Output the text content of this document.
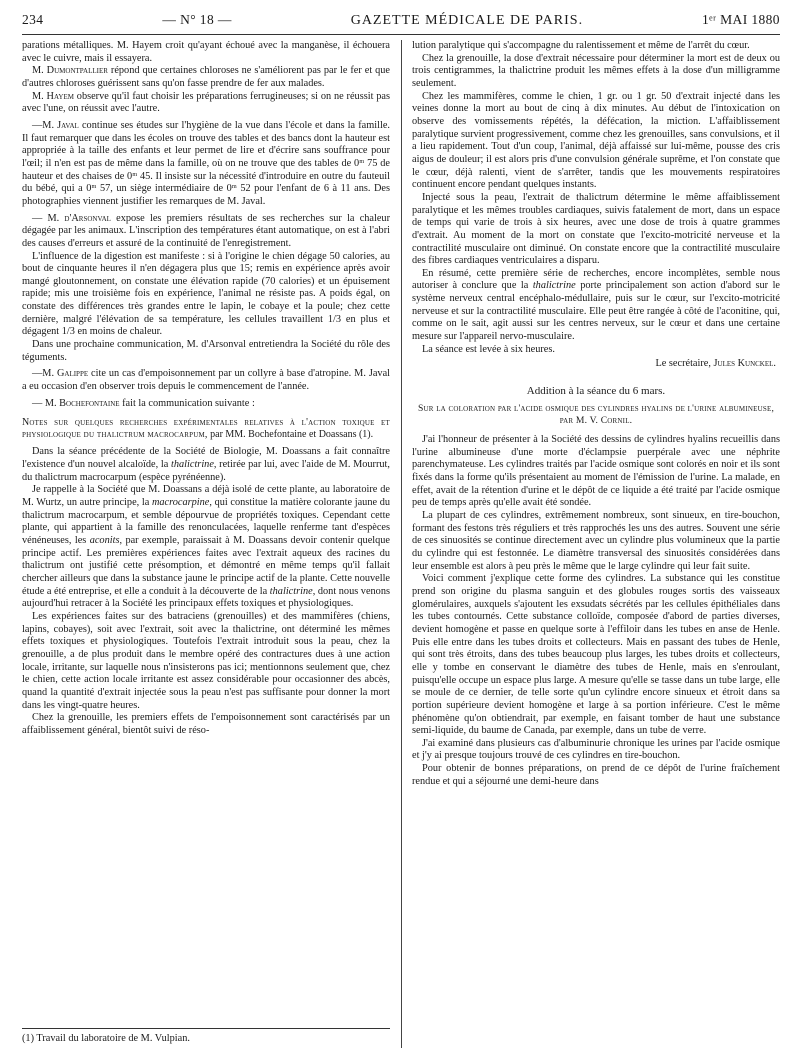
234	— N° 18 —	GAZETTE MÉDICALE DE PARIS.	1ᵉʳ MAI 1880

parations métalliques. M. Hayem croit qu'ayant échoué avec la manganèse, il échouera avec le cuivre, mais il essayera.

M. Dumontpallier répond que certaines chloroses ne s'améliorent pas par le fer et que d'autres chloroses guérissent sans qu'on fasse prendre de fer aux malades.

M. Hayem observe qu'il faut choisir les préparations ferrugineuses; si on ne réussit pas avec l'une, on réussit avec l'autre.

—M. Javal continue ses études sur l'hygiène de la vue dans l'école et dans la famille. Il faut remarquer que dans les écoles on trouve des tables et des bancs dont la hauteur est appropriée à la taille des enfants et leur permet de lire et d'écrire sans souffrance pour l'œil; il n'en est pas de même dans la famille, où on ne trouve que des tables de 0ᵐ 75 de hauteur et des chaises de 0ᵐ 45. Il insiste sur la nécessité d'introduire en outre du fauteuil du bébé, qui a 0ᵐ 57, un siège intermédiaire de 0ᵐ 52 pour l'enfant de 6 à 11 ans. Des photographies viennent justifier les remarques de M. Javal.

— M. d'Arsonval expose les premiers résultats de ses recherches sur la chaleur dégagée par les animaux. L'inscription des températures étant automatique, on est à l'abri des causes d'erreurs et assuré de la continuité de l'enregistrement.

L'influence de la digestion est manifeste : si à l'origine le chien dégage 50 calories, au bout de cinquante heures il n'en dégagera plus que 15; remis en expérience après avoir mangé gloutonnement, on constate une élévation rapide (70 calories) et un épuisement rapide; mis une troisième fois en expérience, l'animal ne résiste pas. A poids égal, on constate des différences très grandes entre le lapin, le cobaye et la poule; chez cette dernière, malgré l'élévation de sa température, les cellules travaillent 1/3 en plus et dégagent 1/3 en moins de chaleur.

Dans une prochaine communication, M. d'Arsonval entretiendra la Société du rôle des téguments.

—M. Galippe cite un cas d'empoisonnement par un collyre à base d'atropine. M. Javal a eu occasion d'en observer trois depuis le commencement de l'année.

— M. Bochefontaine fait la communication suivante :

Notes sur quelques recherches expérimentales relatives à l'action toxique et physiologique du thalictrum macrocarpum, par MM. Bochefontaine et Doassans (1).

Dans la séance précédente de la Société de Biologie, M. Doassans a fait connaître l'existence d'un nouvel alcaloïde, la thalictrine, retirée par lui, avec l'aide de M. Mourrut, du thalictrum macrocarpum (espèce pyrénéenne).

Je rappelle à la Société que M. Doassans a déjà isolé de cette plante, au laboratoire de M. Wurtz, un autre principe, la macrocarpine, qui constitue la matière colorante jaune du thalictrum macrocarpum, et semble dépourvue de propriétés toxiques. Cependant cette plante, qui appartient à la famille des renonculacées, laquelle renferme tant d'espèces vénéneuses, les aconits, par exemple, paraissait à M. Doassans devoir contenir quelque principe actif. Les premières expériences faites avec l'extrait aqueux des racines du thalictrum ont justifié cette présomption, et démontré en même temps qu'il fallait chercher ailleurs que dans la substance jaune le principe actif de la plante. Cette nouvelle étude a été entreprise, et elle a conduit à la découverte de la thalictrine, dont nous venons aujourd'hui retracer à la Société les principaux effets toxiques et physiologiques.

Les expériences faites sur des batraciens (grenouilles) et des mammifères (chiens, lapins, cobayes), soit avec l'extrait, soit avec la thalictrine, ont déterminé les mêmes effets toxiques et physiologiques. Toutefois l'extrait introduit sous la peau, chez la grenouille, a de plus produit dans le membre opéré des contractures dues à une action locale, irritante, sur laquelle nous n'insisterons pas ici; mentionnons seulement que, chez le chien, cette action locale irritante est assez considérable pour occasionner des abcès, quand la quantité d'extrait injectée sous la peau n'est pas suffisante pour donner la mort dans les vingt-quatre heures.

Chez la grenouille, les premiers effets de l'empoisonnement sont caractérisés par un affaiblissement général, bientôt suivi de réso-

(1) Travail du laboratoire de M. Vulpian.

lution paralytique qui s'accompagne du ralentissement et même de l'arrêt du cœur.

Chez la grenouille, la dose d'extrait nécessaire pour déterminer la mort est de deux ou trois centigrammes, la thalictrine produit les mêmes effets à la dose d'un milligramme seulement.

Chez les mammifères, comme le chien, 1 gr. ou 1 gr. 50 d'extrait injecté dans les veines donne la mort au bout de cinq à dix minutes. Au début de l'intoxication on observe des vomissements répétés, la défécation, la miction. L'affaiblissement paralytique survient progressivement, comme chez les grenouilles, sans convulsions, et il a lieu rapidement. Tout d'un coup, l'animal, déjà affaissé sur lui-même, pousse des cris aigus de douleur; il est alors pris d'une convulsion générale suprême, et l'on constate que le cœur, déjà ralenti, vient de s'arrêter, tandis que les mouvements respiratoires continuent encore pendant quelques instants.

Injecté sous la peau, l'extrait de thalictrum détermine le même affaiblissement paralytique et les mêmes troubles cardiaques, suivis fatalement de mort, dans un espace de temps qui varie de trois à six heures, avec une dose de trois à quatre grammes d'extrait. Au moment de la mort on constate que l'excito-motricité nerveuse et la contractilité musculaire ont diminué. On constate encore que la contractilité musculaire des fibres cardiaques ventriculaires a disparu.

En résumé, cette première série de recherches, encore incomplètes, semble nous autoriser à conclure que la thalictrine porte principalement son action d'abord sur le système nerveux central encéphalo-médullaire, puis sur le cœur, sur l'excito-motricité nerveuse et sur la contractilité musculaire. Elle peut être rangée à côté de l'aconitine, qui, comme on le sait, agit aussi sur les centres nerveux, sur le cœur et dans une certaine mesure sur l'appareil nervo-musculaire.

La séance est levée à six heures.

Le secrétaire, Jules Kunckel.
Addition à la séance du 6 mars.
Sur la coloration par l'acide osmique des cylindres hyalins de l'urine albumineuse, par M. V. Cornil.

J'ai l'honneur de présenter à la Société des dessins de cylindres hyalins recueillis dans l'urine albumineuse d'une morte d'éclampsie puerpérale avec une néphrite parenchymateuse. Les cylindres traités par l'acide osmique sont colorés en noir et ils sont fixés dans la forme qu'ils présentaient au moment de l'émission de l'urine. La malade, en effet, avait de la rétention d'urine et le dépôt de ce liquide a été traité par l'acide osmique peu de temps après qu'elle avait été sondée.

La plupart de ces cylindres, extrêmement nombreux, sont sinueux, en tire-bouchon, formant des festons très réguliers et très rapprochés les uns des autres. Souvent une série de ces sinuosités se continue directement avec un cylindre plus volumineux que la partie du cylindre qui est festonnée. Le diamètre transversal des sinuosités considérées dans leur ensemble est alors à peu près le même que le large cylindre qui leur fait suite.

Voici comment j'explique cette forme des cylindres. La substance qui les constitue prend son origine du plasma sanguin et des globules rouges sortis des vaisseaux glomérulaires, auxquels s'ajoutent les exsudats sécrétés par les cellules épithéliales dans les tubes contournés. Cette substance colloïde, composée d'abord de parties diverses, devient homogène et passe en quelque sorte à l'effiloir dans les tubes en anse de Henle. Puis elle entre dans les tubes droits et collecteurs. Mais en passant des tubes de Henle, qui sont très étroits, dans des tubes beaucoup plus larges, les tubes droits et collecteurs, elle y tombe en conservant le diamètre des tubes de Henle, mais en s'enroulant, puisqu'elle occupe un espace plus large. A mesure qu'elle se tasse dans un tube large, elle se moule de ce dernier, de telle sorte qu'un cylindre encore sinueux et étroit dans sa portion supérieure devient homogène et large à sa portion inférieure. C'est le même phénomène qu'on obtiendrait, par exemple, en faisant tomber de haut une substance semi-liquide, du baume de Canada, par exemple, dans un tube de verre.

J'ai examiné dans plusieurs cas d'albuminurie chronique les urines par l'acide osmique et j'y ai presque toujours trouvé de ces cylindres en tire-bouchon.

Pour obtenir de bonnes préparations, on prend de ce dépôt de l'urine fraîchement rendue et qui a séjourné une demi-heure dans
